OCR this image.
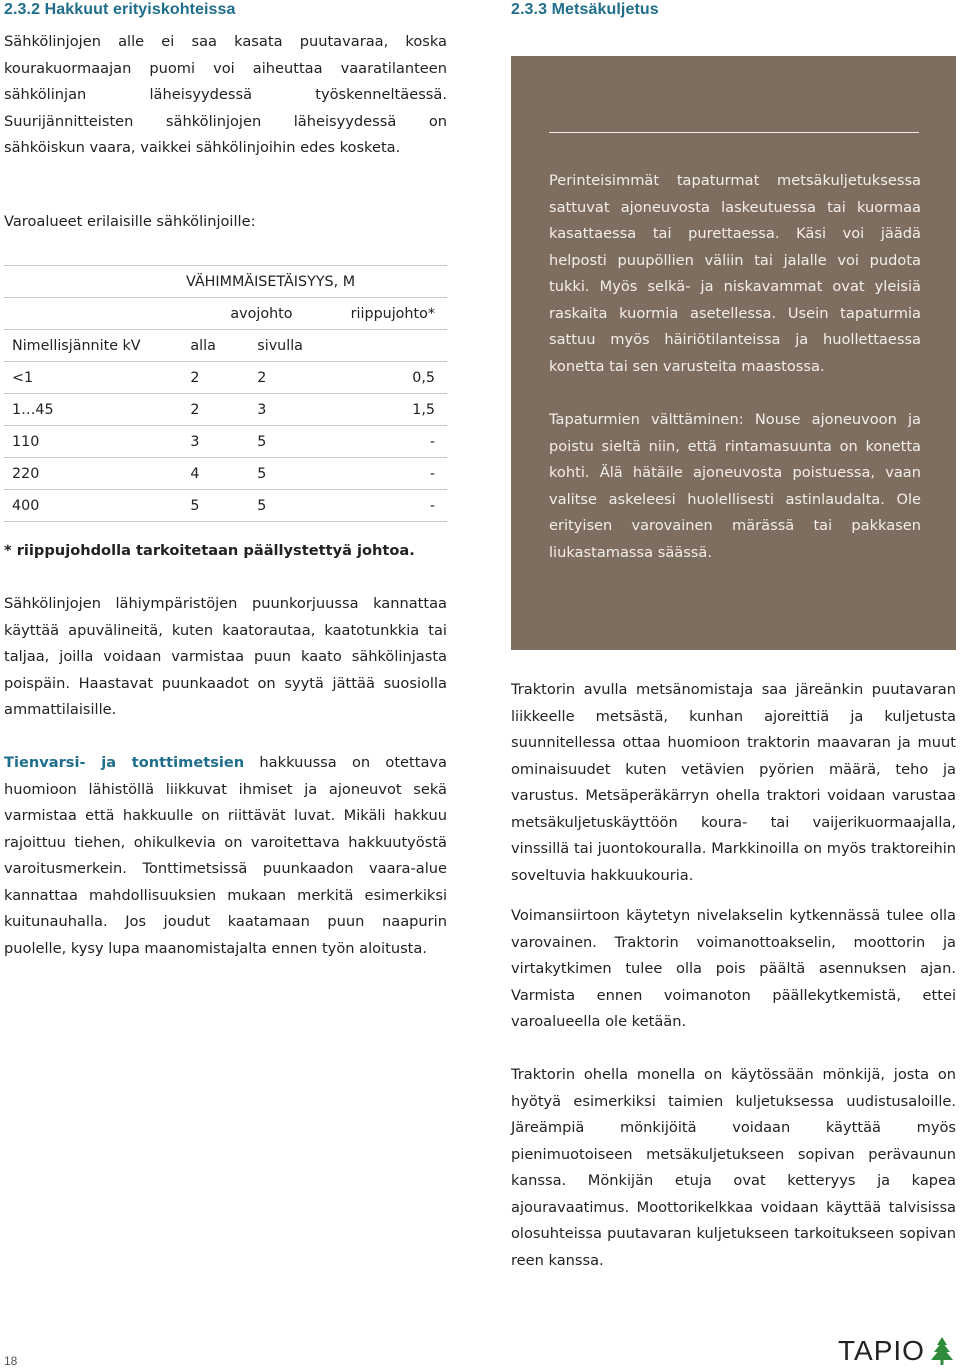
2.3.2 Hakkuut erityiskohteissa

Sähkölinjojen alle ei saa kasata puutavaraa, koska kourakuormaajan puomi voi aiheuttaa vaaratilanteen sähkölinjan läheisyydessä työskenneltäessä. Suurijännitteisten sähkölinjojen läheisyydessä on sähköiskun vaara, vaikkei sähkölinjoihin edes kosketa.

Varoalueet erilaisille sähkölinjoille:

VÄHIMMÄISETÄISYYS, M			
	avojohto		riippujohto*
Nimellisjännite kV	alla	sivulla	
<1	2	2	0,5
1…45	2	3	1,5
110	3	5	-
220	4	5	-
400	5	5	-

* riippujohdolla tarkoitetaan päällystettyä johtoa.

Sähkölinjojen lähiympäristöjen puunkorjuussa kannattaa käyttää apuvälineitä, kuten kaatorautaa, kaatotunkkia tai taljaa, joilla voidaan varmistaa puun kaato sähkölinjasta poispäin. Haastavat puunkaadot on syytä jättää suosiolla ammattilaisille.

Tienvarsi- ja tonttimetsien hakkuussa on otettava huomioon lähistöllä liikkuvat ihmiset ja ajoneuvot sekä varmistaa että hakkuulle on riittävät luvat. Mikäli hakkuu rajoittuu tiehen, ohikulkevia on varoitettava hakkuutyöstä varoitusmerkein. Tonttimetsissä puunkaadon vaara-alue kannattaa mahdollisuuksien mukaan merkitä esimerkiksi kuitunauhalla. Jos joudut kaatamaan puun naapurin puolelle, kysy lupa maanomistajalta ennen työn aloitusta.

2.3.3 Metsäkuljetus

Perinteisimmät tapaturmat metsäkuljetuksessa sattuvat ajoneuvosta laskeutuessa tai kuormaa kasattaessa tai purettaessa. Käsi voi jäädä helposti puupöllien väliin tai jalalle voi pudota tukki. Myös selkä- ja niskavammat ovat yleisiä raskaita kuormia asetellessa. Usein tapaturmia sattuu myös häiriötilanteissa ja huollettaessa konetta tai sen varusteita maastossa.

Tapaturmien välttäminen: Nouse ajoneuvoon ja poistu sieltä niin, että rintamasuunta on konetta kohti. Älä hätäile ajoneuvosta poistuessa, vaan valitse askeleesi huolellisesti astinlaudalta. Ole erityisen varovainen märässä tai pakkasen liukastamassa säässä.

Traktorin avulla metsänomistaja saa järeänkin puutavaran liikkeelle metsästä, kunhan ajoreittiä ja kuljetusta suunnitellessa ottaa huomioon traktorin maavaran ja muut ominaisuudet kuten vetävien pyörien määrä, teho ja varustus. Metsäperäkärryn ohella traktori voidaan varustaa metsäkuljetuskäyttöön koura- tai vaijerikuormaajalla, vinssillä tai juontokouralla. Markkinoilla on myös traktoreihin soveltuvia hakkuukouria.

Voimansiirtoon käytetyn nivelakselin kytkennässä tulee olla varovainen. Traktorin voimanottoakselin, moottorin ja virtakytkimen tulee olla pois päältä asennuksen ajan. Varmista ennen voimanoton päällekytkemistä, ettei varoalueella ole ketään.

Traktorin ohella monella on käytössään mönkijä, josta on hyötyä esimerkiksi taimien kuljetuksessa uudistusaloille. Järeämpiä mönkijöitä voidaan käyttää myös pienimuotoiseen metsäkuljetukseen sopivan perävaunun kanssa. Mönkijän etuja ovat ketteryys ja kapea ajouravaatimus. Moottorikelkkaa voidaan käyttää talvisissa olosuhteissa puutavaran kuljetukseen tarkoitukseen sopivan reen kanssa.

18	TAPIO
